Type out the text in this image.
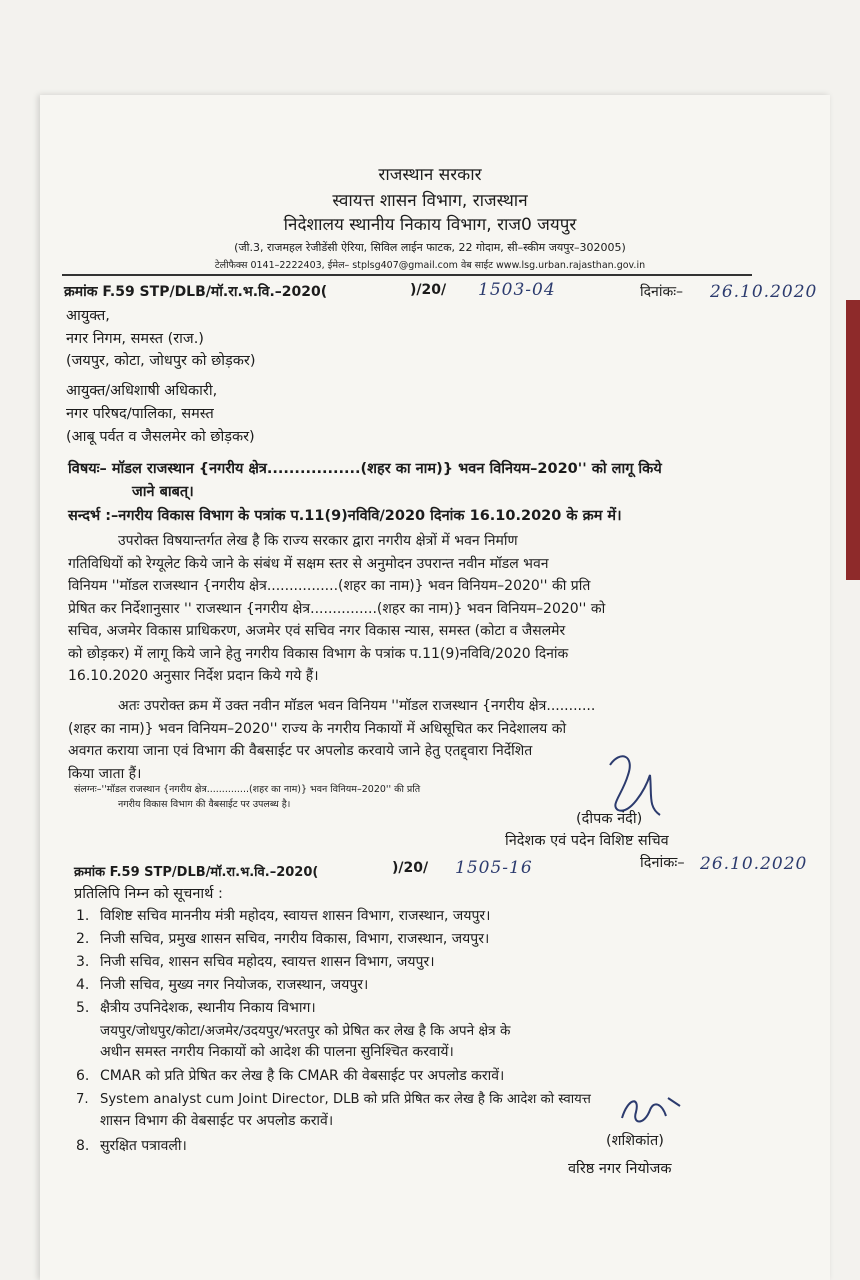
राजस्थान सरकार
स्वायत्त शासन विभाग, राजस्थान
निदेशालय स्थानीय निकाय विभाग, राज0 जयपुर
(जी.3, राजमहल रेजीडेंसी ऐरिया, सिविल लाईन फाटक, 22 गोदाम, सी–स्कीम जयपुर–302005)
टेलीफैक्स 0141–2222403, ईमेल– stplsg407@gmail.com वेब साईट www.lsg.urban.rajasthan.gov.in
क्रमांक F.59 STP/DLB/मॉ.रा.भ.वि.–2020(	)/20/ 1503-04	दिनांकः– 26.10.2020
आयुक्त,
नगर निगम, समस्त (राज.)
(जयपुर, कोटा, जोधपुर को छोड़कर)
आयुक्त/अधिशाषी अधिकारी,
नगर परिषद/पालिका, समस्त
(आबू पर्वत व जैसलमेर को छोड़कर)
विषयः– मॉडल राजस्थान {नगरीय क्षेत्र.................(शहर का नाम)} भवन विनियम–2020'' को लागू किये
जाने बाबत्।
सन्दर्भ :–नगरीय विकास विभाग के पत्रांक प.11(9)नविवि/2020 दिनांक 16.10.2020 के क्रम में।
उपरोक्त विषयान्तर्गत लेख है कि राज्य सरकार द्वारा नगरीय क्षेत्रों में भवन निर्माण
गतिविधियों को रेग्यूलेट किये जाने के संबंध में सक्षम स्तर से अनुमोदन उपरान्त नवीन मॉडल भवन
विनियम ''मॉडल राजस्थान {नगरीय क्षेत्र................(शहर का नाम)} भवन विनियम–2020'' की प्रति
प्रेषित कर निर्देशानुसार '' राजस्थान {नगरीय क्षेत्र...............(शहर का नाम)} भवन विनियम–2020'' को
सचिव, अजमेर विकास प्राधिकरण, अजमेर एवं सचिव नगर विकास न्यास, समस्त (कोटा व जैसलमेर
को छोड़कर) में लागू किये जाने हेतु नगरीय विकास विभाग के पत्रांक प.11(9)नविवि/2020 दिनांक
16.10.2020 अनुसार निर्देश प्रदान किये गये हैं।
अतः उपरोक्त क्रम में उक्त नवीन मॉडल भवन विनियम ''मॉडल राजस्थान {नगरीय क्षेत्र...........
(शहर का नाम)} भवन विनियम–2020'' राज्य के नगरीय निकायों में अधिसूचित कर निदेशालय को
अवगत कराया जाना एवं विभाग की वैबसाईट पर अपलोड करवाये जाने हेतु एतद्द्वारा निर्देशित
किया जाता हैं।
संलग्नः–''मॉडल राजस्थान {नगरीय क्षेत्र..............(शहर का नाम)} भवन विनियम–2020'' की प्रति
नगरीय विकास विभाग की वैबसाईट पर उपलब्ध है।
(दीपक नंदी)
निदेशक एवं पदेन विशिष्ट सचिव
क्रमांक F.59 STP/DLB/मॉ.रा.भ.वि.–2020(	)/20/ 1505-16	दिनांकः– 26.10.2020
प्रतिलिपि निम्न को सूचनार्थ :
1. विशिष्ट सचिव माननीय मंत्री महोदय, स्वायत्त शासन विभाग, राजस्थान, जयपुर।
2. निजी सचिव, प्रमुख शासन सचिव, नगरीय विकास, विभाग, राजस्थान, जयपुर।
3. निजी सचिव, शासन सचिव महोदय, स्वायत्त शासन विभाग, जयपुर।
4. निजी सचिव, मुख्य नगर नियोजक, राजस्थान, जयपुर।
5. क्षैत्रीय उपनिदेशक, स्थानीय निकाय विभाग।
जयपुर/जोधपुर/कोटा/अजमेर/उदयपुर/भरतपुर को प्रेषित कर लेख है कि अपने क्षेत्र के
अधीन समस्त नगरीय निकायों को आदेश की पालना सुनिश्चित करवायें।
6. CMAR को प्रति प्रेषित कर लेख है कि CMAR की वेबसाईट पर अपलोड करावें।
7. System analyst cum Joint Director, DLB को प्रति प्रेषित कर लेख है कि आदेश को स्वायत्त
शासन विभाग की वेबसाईट पर अपलोड करावें।
8. सुरक्षित पत्रावली।	(शशिकांत)
वरिष्ठ नगर नियोजक
